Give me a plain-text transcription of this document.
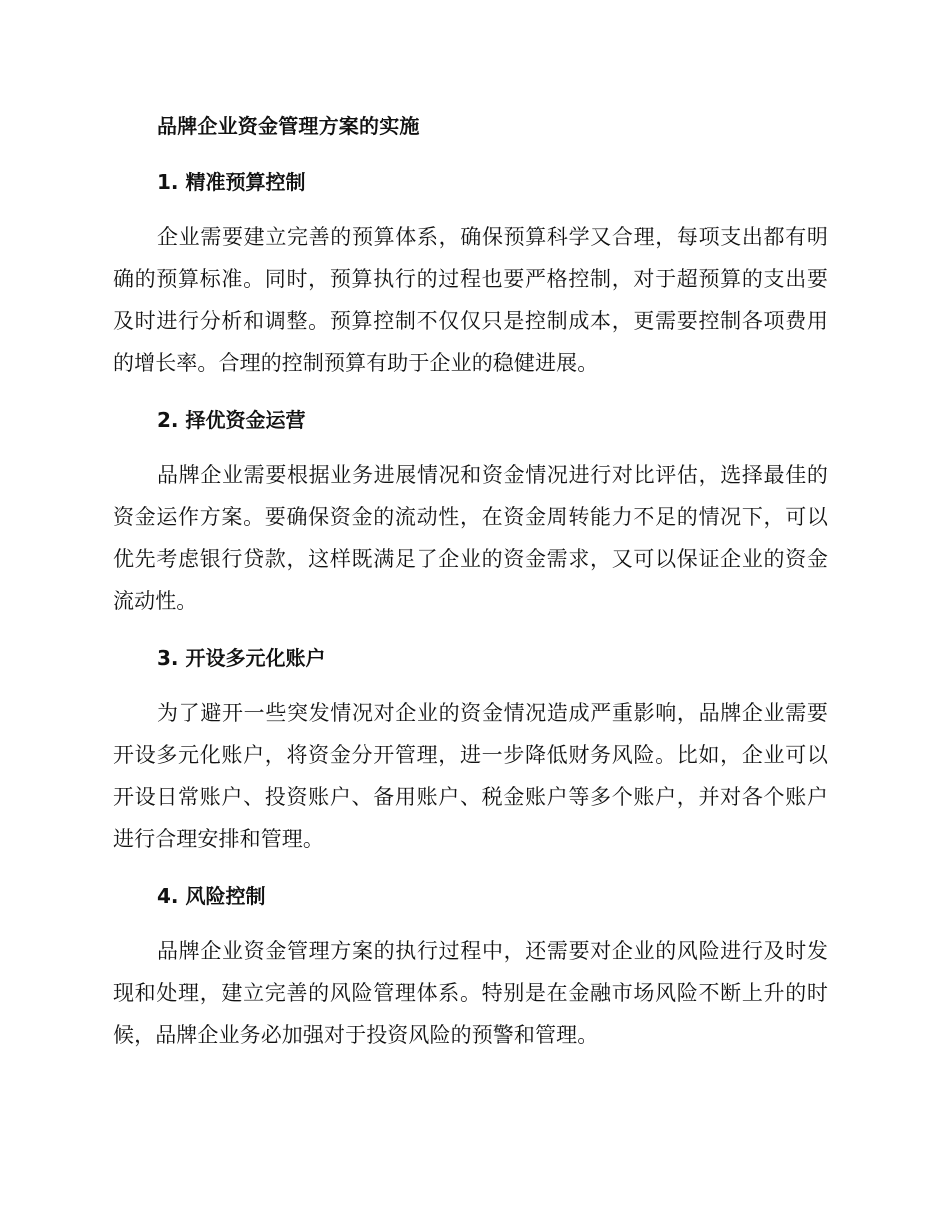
品牌企业资金管理方案的实施
1. 精准预算控制

企业需要建立完善的预算体系，确保预算科学又合理，每项支出都有明确的预算标准。同时，预算执行的过程也要严格控制，对于超预算的支出要及时进行分析和调整。预算控制不仅仅只是控制成本，更需要控制各项费用的增长率。合理的控制预算有助于企业的稳健进展。

2. 择优资金运营

品牌企业需要根据业务进展情况和资金情况进行对比评估，选择最佳的资金运作方案。要确保资金的流动性，在资金周转能力不足的情况下，可以优先考虑银行贷款，这样既满足了企业的资金需求，又可以保证企业的资金流动性。

3. 开设多元化账户

为了避开一些突发情况对企业的资金情况造成严重影响，品牌企业需要开设多元化账户，将资金分开管理，进一步降低财务风险。比如，企业可以开设日常账户、投资账户、备用账户、税金账户等多个账户，并对各个账户进行合理安排和管理。

4. 风险控制

品牌企业资金管理方案的执行过程中，还需要对企业的风险进行及时发现和处理，建立完善的风险管理体系。特别是在金融市场风险不断上升的时候，品牌企业务必加强对于投资风险的预警和管理。
